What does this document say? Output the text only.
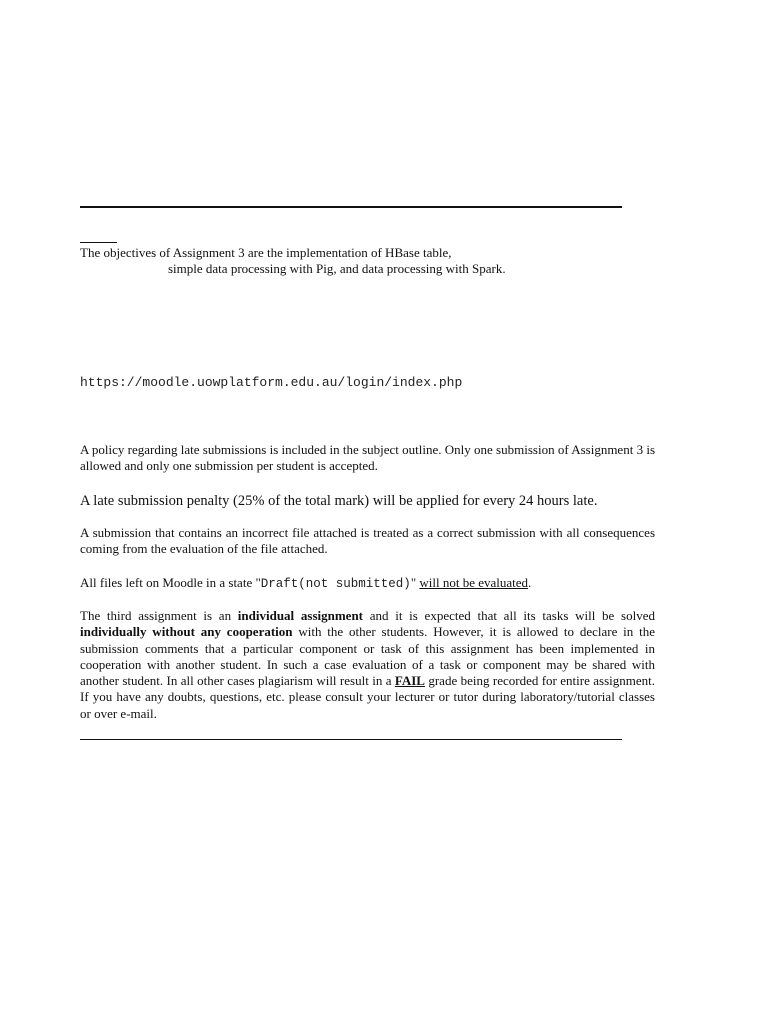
The objectives of Assignment 3 are the implementation of HBase table,
simple data processing with Pig, and data processing with Spark.
https://moodle.uowplatform.edu.au/login/index.php

A policy regarding late submissions is included in the subject outline. Only one submission of Assignment 3 is allowed and only one submission per student is accepted.

A late submission penalty (25% of the total mark) will be applied for every 24 hours late.

A submission that contains an incorrect file attached is treated as a correct submission with all consequences coming from the evaluation of the file attached.

All files left on Moodle in a state "Draft(not submitted)" will not be evaluated.

The third assignment is an individual assignment and it is expected that all its tasks will be solved individually without any cooperation with the other students. However, it is allowed to declare in the submission comments that a particular component or task of this assignment has been implemented in cooperation with another student. In such a case evaluation of a task or component may be shared with another student. In all other cases plagiarism will result in a FAIL grade being recorded for entire assignment. If you have any doubts, questions, etc. please consult your lecturer or tutor during laboratory/tutorial classes or over e-mail.
